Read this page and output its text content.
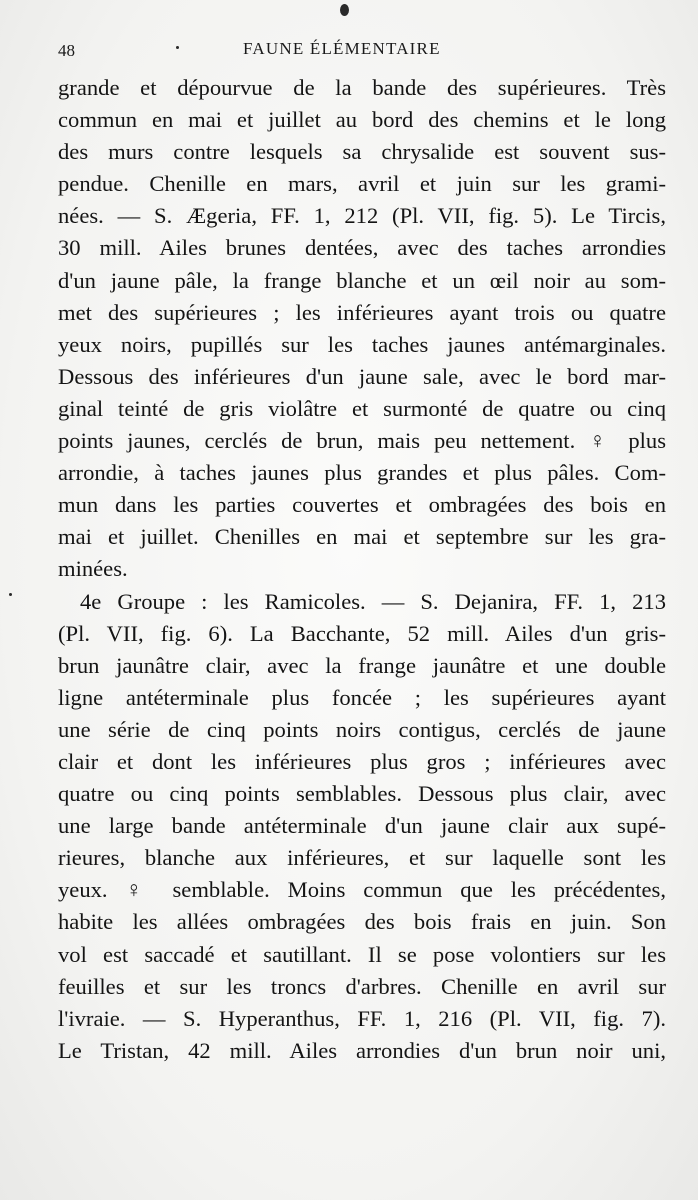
48	FAUNE ÉLÉMENTAIRE
grande et dépourvue de la bande des supérieures. Très
commun en mai et juillet au bord des chemins et le long
des murs contre lesquels sa chrysalide est souvent sus-
pendue. Chenille en mars, avril et juin sur les grami-
nées. — S. Ægeria, FF. 1, 212 (Pl. VII, fig. 5). Le Tircis,
30 mill. Ailes brunes dentées, avec des taches arrondies
d'un jaune pâle, la frange blanche et un œil noir au som-
met des supérieures ; les inférieures ayant trois ou quatre
yeux noirs, pupillés sur les taches jaunes antémarginales.
Dessous des inférieures d'un jaune sale, avec le bord mar-
ginal teinté de gris violâtre et surmonté de quatre ou cinq
points jaunes, cerclés de brun, mais peu nettement. ♀ plus
arrondie, à taches jaunes plus grandes et plus pâles. Com-
mun dans les parties couvertes et ombragées des bois en
mai et juillet. Chenilles en mai et septembre sur les gra-
minées.
4e Groupe : les Ramicoles. — S. Dejanira, FF. 1, 213
(Pl. VII, fig. 6). La Bacchante, 52 mill. Ailes d'un gris-
brun jaunâtre clair, avec la frange jaunâtre et une double
ligne antéterminale plus foncée ; les supérieures ayant
une série de cinq points noirs contigus, cerclés de jaune
clair et dont les inférieures plus gros ; inférieures avec
quatre ou cinq points semblables. Dessous plus clair, avec
une large bande antéterminale d'un jaune clair aux supé-
rieures, blanche aux inférieures, et sur laquelle sont les
yeux. ♀ semblable. Moins commun que les précédentes,
habite les allées ombragées des bois frais en juin. Son
vol est saccadé et sautillant. Il se pose volontiers sur les
feuilles et sur les troncs d'arbres. Chenille en avril sur
l'ivraie. — S. Hyperanthus, FF. 1, 216 (Pl. VII, fig. 7).
Le Tristan, 42 mill. Ailes arrondies d'un brun noir uni,
